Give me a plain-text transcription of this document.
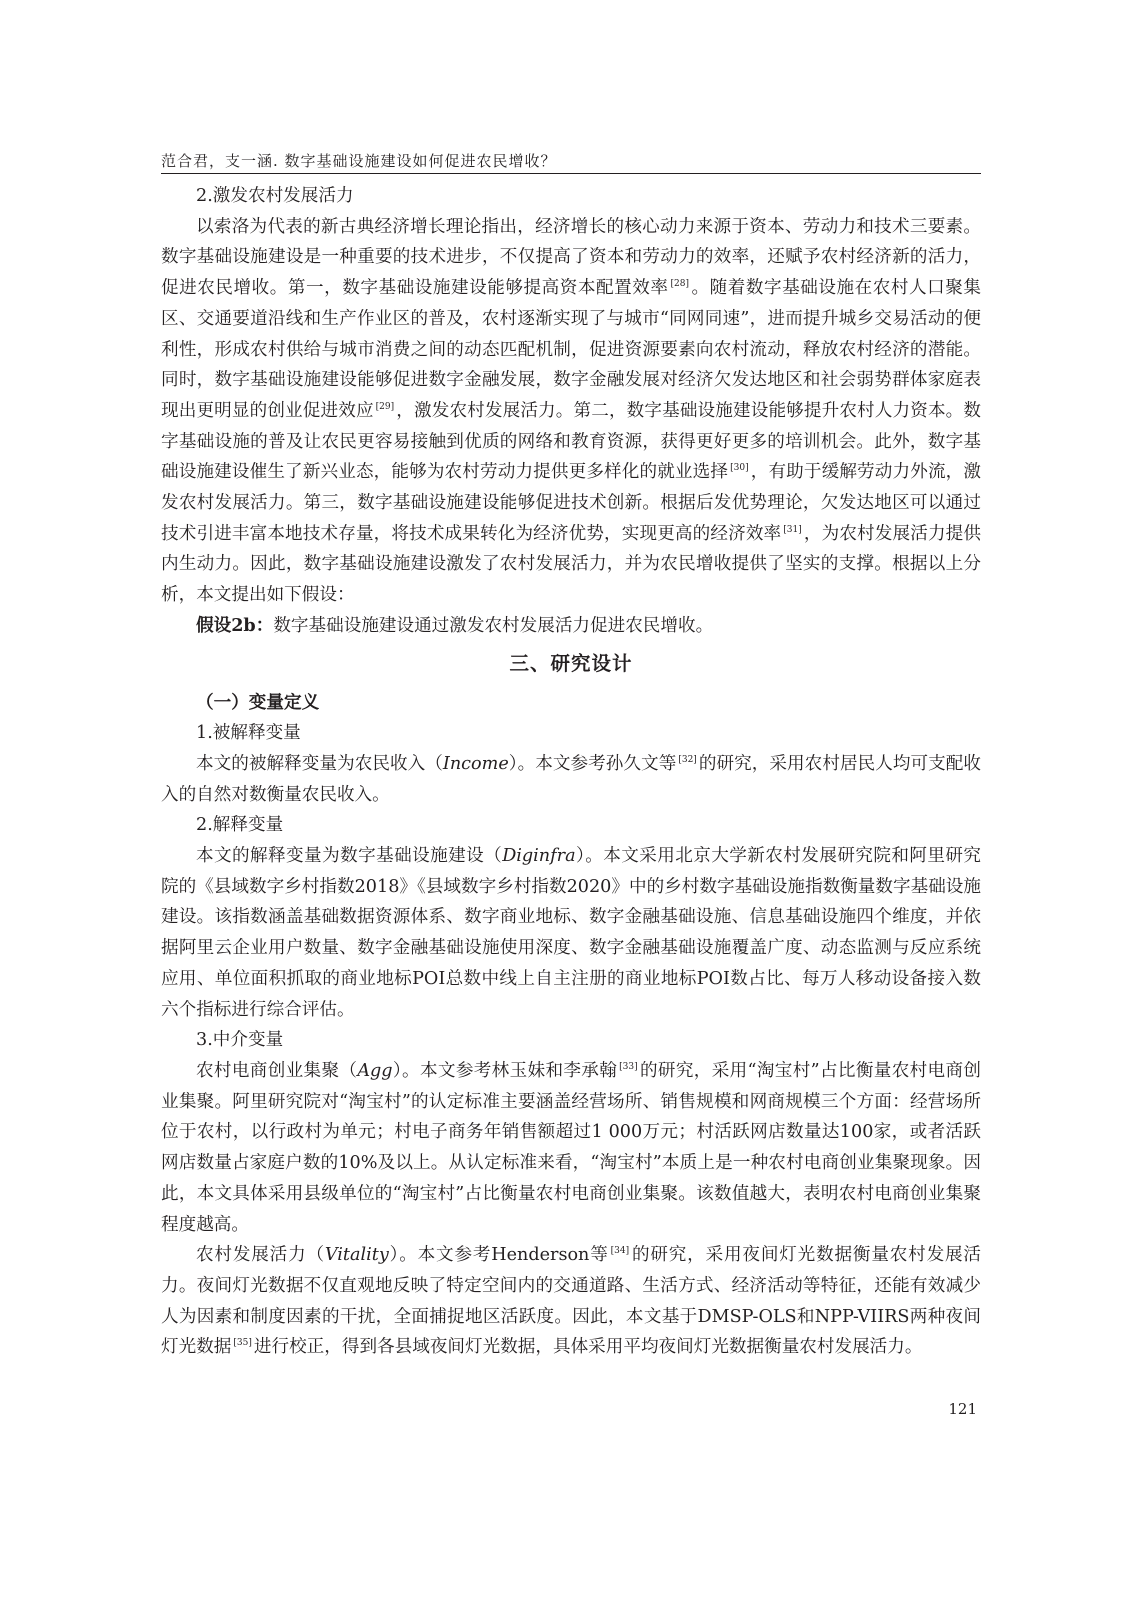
范合君，支一涵. 数字基础设施建设如何促进农民增收？

2.激发农村发展活力

以索洛为代表的新古典经济增长理论指出，经济增长的核心动力来源于资本、劳动力和技术三要素。数字基础设施建设是一种重要的技术进步，不仅提高了资本和劳动力的效率，还赋予农村经济新的活力，促进农民增收。第一，数字基础设施建设能够提高资本配置效率 [28] 。随着数字基础设施在农村人口聚集区、交通要道沿线和生产作业区的普及，农村逐渐实现了与城市“同网同速”，进而提升城乡交易活动的便利性，形成农村供给与城市消费之间的动态匹配机制，促进资源要素向农村流动，释放农村经济的潜能。同时，数字基础设施建设能够促进数字金融发展，数字金融发展对经济欠发达地区和社会弱势群体家庭表现出更明显的创业促进效应 [29] ，激发农村发展活力。第二，数字基础设施建设能够提升农村人力资本。数字基础设施的普及让农民更容易接触到优质的网络和教育资源，获得更好更多的培训机会。此外，数字基础设施建设催生了新兴业态，能够为农村劳动力提供更多样化的就业选择 [30] ，有助于缓解劳动力外流，激发农村发展活力。第三，数字基础设施建设能够促进技术创新。根据后发优势理论，欠发达地区可以通过技术引进丰富本地技术存量，将技术成果转化为经济优势，实现更高的经济效率 [31] ，为农村发展活力提供内生动力。因此，数字基础设施建设激发了农村发展活力，并为农民增收提供了坚实的支撑。根据以上分析，本文提出如下假设：

假设2b：数字基础设施建设通过激发农村发展活力促进农民增收。

三、研究设计
（一）变量定义

1.被解释变量

本文的被解释变量为农民收入（Income）。本文参考孙久文等 [32] 的研究，采用农村居民人均可支配收入的自然对数衡量农民收入。

2.解释变量

本文的解释变量为数字基础设施建设（Diginfra）。本文采用北京大学新农村发展研究院和阿里研究院的《县域数字乡村指数2018》《县域数字乡村指数2020》中的乡村数字基础设施指数衡量数字基础设施建设。该指数涵盖基础数据资源体系、数字商业地标、数字金融基础设施、信息基础设施四个维度，并依据阿里云企业用户数量、数字金融基础设施使用深度、数字金融基础设施覆盖广度、动态监测与反应系统应用、单位面积抓取的商业地标POI总数中线上自主注册的商业地标POI数占比、每万人移动设备接入数六个指标进行综合评估。

3.中介变量

农村电商创业集聚（Agg）。本文参考林玉妹和李承翰 [33] 的研究，采用“淘宝村”占比衡量农村电商创业集聚。阿里研究院对“淘宝村”的认定标准主要涵盖经营场所、销售规模和网商规模三个方面：经营场所位于农村，以行政村为单元；村电子商务年销售额超过1 000万元；村活跃网店数量达100家，或者活跃网店数量占家庭户数的10%及以上。从认定标准来看，“淘宝村”本质上是一种农村电商创业集聚现象。因此，本文具体采用县级单位的“淘宝村”占比衡量农村电商创业集聚。该数值越大，表明农村电商创业集聚程度越高。

农村发展活力（Vitality）。本文参考Henderson等 [34] 的研究，采用夜间灯光数据衡量农村发展活力。夜间灯光数据不仅直观地反映了特定空间内的交通道路、生活方式、经济活动等特征，还能有效减少人为因素和制度因素的干扰，全面捕捉地区活跃度。因此，本文基于DMSP-OLS和NPP-VIIRS两种夜间灯光数据 [35] 进行校正，得到各县域夜间灯光数据，具体采用平均夜间灯光数据衡量农村发展活力。

121
